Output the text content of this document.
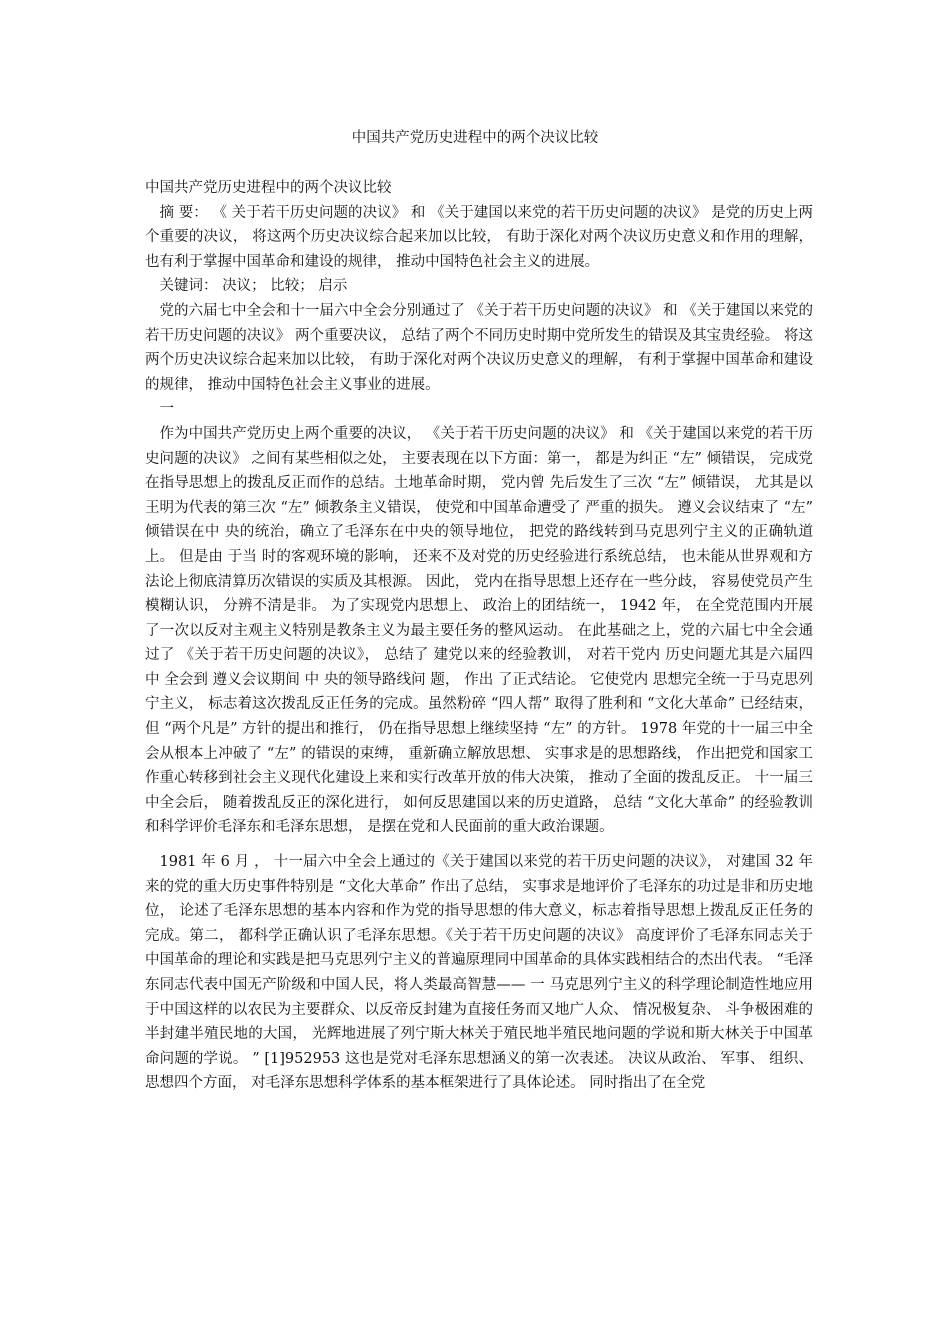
中国共产党历史进程中的两个决议比较

中国共产党历史进程中的两个决议比较

摘 要： 《 关于若干历史问题的决议》 和 《关于建国以来党的若干历史问题的决议》 是党的历史上两个重要的决议， 将这两个历史决议综合起来加以比较， 有助于深化对两个决议历史意义和作用的理解， 也有利于掌握中国革命和建设的规律， 推动中国特色社会主义的进展。

关键词： 决议； 比较； 启示

党的六届七中全会和十一届六中全会分别通过了 《关于若干历史问题的决议》 和 《关于建国以来党的若干历史问题的决议》 两个重要决议， 总结了两个不同历史时期中党所发生的错误及其宝贵经验。 将这两个历史决议综合起来加以比较， 有助于深化对两个决议历史意义的理解， 有利于掌握中国革命和建设的规律， 推动中国特色社会主义事业的进展。

一

作为中国共产党历史上两个重要的决议， 《关于若干历史问题的决议》 和 《关于建国以来党的若干历史问题的决议》 之间有某些相似之处， 主要表现在以下方面：第一， 都是为纠正 “左” 倾错误， 完成党在指导思想上的拨乱反正而作的总结。土地革命时期， 党内曾 先后发生了三次 “左” 倾错误， 尤其是以王明为代表的第三次 “左” 倾教条主义错误， 使党和中国革命遭受了 严重的损失。 遵义会议结束了 “左” 倾错误在中 央的统治，确立了毛泽东在中央的领导地位， 把党的路线转到马克思列宁主义的正确轨道上。 但是由 于当 时的客观环境的影响， 还来不及对党的历史经验进行系统总结， 也未能从世界观和方法论上彻底清算历次错误的实质及其根源。 因此， 党内在指导思想上还存在一些分歧， 容易使党员产生模糊认识， 分辨不清是非。 为了实现党内思想上、 政治上的团结统一， 1942 年， 在全党范围内开展了一次以反对主观主义特别是教条主义为最主要任务的整风运动。 在此基础之上，党的六届七中全会通过了 《关于若干历史问题的决议》， 总结了 建党以来的经验教训， 对若干党内 历史问题尤其是六届四中 全会到 遵义会议期间 中 央的领导路线问 题， 作出 了正式结论。 它使党内 思想完全统一于马克思列 宁主义， 标志着这次拨乱反正任务的完成。虽然粉碎 “四人帮” 取得了胜利和 “文化大革命” 已经结束， 但 “两个凡是” 方针的提出和推行， 仍在指导思想上继续坚持 “左” 的方针。 1978 年党的十一届三中全会从根本上冲破了 “左” 的错误的束缚， 重新确立解放思想、 实事求是的思想路线， 作出把党和国家工作重心转移到社会主义现代化建设上来和实行改革开放的伟大决策， 推动了全面的拨乱反正。 十一届三中全会后， 随着拨乱反正的深化进行， 如何反思建国以来的历史道路， 总结 “文化大革命” 的经验教训和科学评价毛泽东和毛泽东思想， 是摆在党和人民面前的重大政治课题。

1981 年 6 月 ， 十一届六中全会上通过的《关于建国以来党的若干历史问题的决议》， 对建国 32 年来的党的重大历史事件特别是 “文化大革命” 作出了总结， 实事求是地评价了毛泽东的功过是非和历史地位， 论述了毛泽东思想的基本内容和作为党的指导思想的伟大意义，标志着指导思想上拨乱反正任务的完成。第二， 都科学正确认识了毛泽东思想。《关于若干历史问题的决议》 高度评价了毛泽东同志关于中国革命的理论和实践是把马克思列宁主义的普遍原理同中国革命的具体实践相结合的杰出代表。 “毛泽东同志代表中国无产阶级和中国人民，将人类最高智慧—— 一 马克思列宁主义的科学理论制造性地应用于中国这样的以农民为主要群众、以反帝反封建为直接任务而又地广人众、 情况极复杂、 斗争极困难的半封建半殖民地的大国， 光辉地进展了列宁斯大林关于殖民地半殖民地问题的学说和斯大林关于中国革命问题的学说。 ” [1]952953 这也是党对毛泽东思想涵义的第一次表述。 决议从政治、 军事、 组织、 思想四个方面， 对毛泽东思想科学体系的基本框架进行了具体论述。 同时指出了在全党
